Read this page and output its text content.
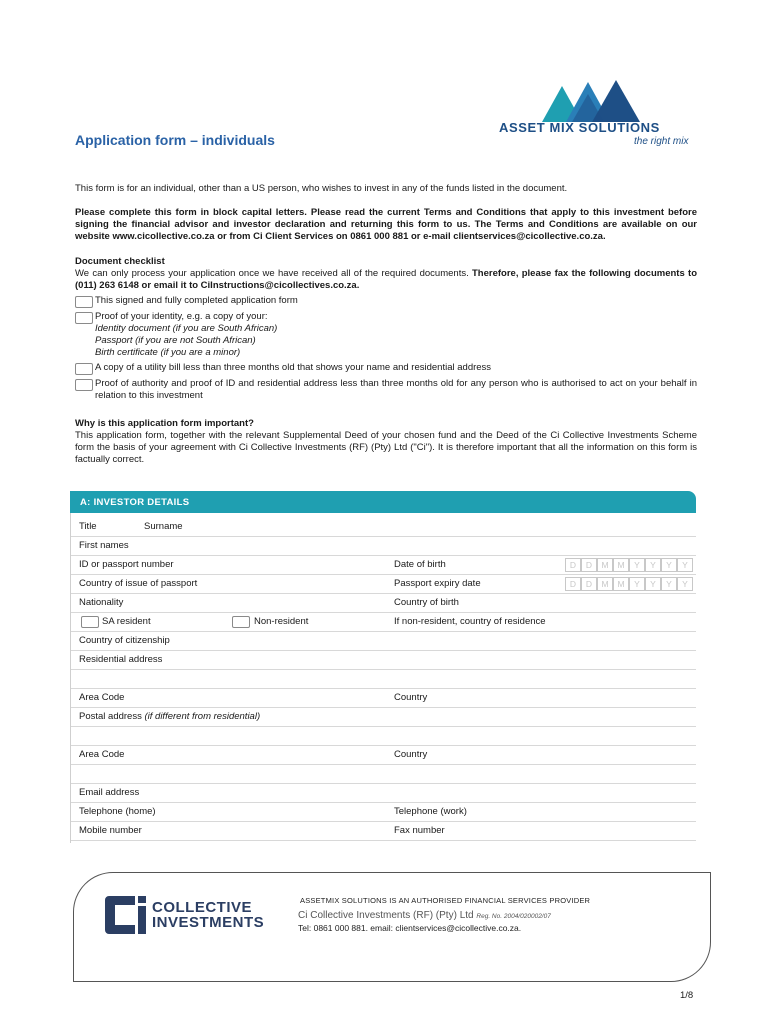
ASSET MIX SOLUTIONS
the right mix
Application form – individuals
This form is for an individual, other than a US person, who wishes to invest in any of the funds listed in the document.
Please complete this form in block capital letters. Please read the current Terms and Conditions that apply to this investment before signing the financial advisor and investor declaration and returning this form to us. The Terms and Conditions are available on our website www.cicollective.co.za or from Ci Client Services on 0861 000 881 or e-mail clientservices@cicollective.co.za.
Document checklist
We can only process your application once we have received all of the required documents. Therefore, please fax the following documents to (011) 263 6148 or email it to CiInstructions@cicollectives.co.za.
This signed and fully completed application form
Proof of your identity, e.g. a copy of your:
Identity document (if you are South African)
Passport (if you are not South African)
Birth certificate (if you are a minor)
A copy of a utility bill less than three months old that shows your name and residential address
Proof of authority and proof of ID and residential address less than three months old for any person who is authorised to act on your behalf in relation to this investment
Why is this application form important?
This application form, together with the relevant Supplemental Deed of your chosen fund and the Deed of the Ci Collective Investments Scheme form the basis of your agreement with Ci Collective Investments (RF) (Pty) Ltd ("Ci"). It is therefore important that all the information on this form is factually correct.
A: INVESTOR DETAILS
Title	Surname
First names
ID or passport number	Date of birth	D	D	M	M	Y	Y	Y	Y
Country of issue of passport	Passport expiry date	D	D	M	M	Y	Y	Y	Y
Nationality	Country of birth
SA resident	Non-resident	If non-resident, country of residence
Country of citizenship
Residential address
Area Code	Country
Postal address (if different from residential)
Area Code	Country
Email address
Telephone (home)	Telephone (work)
Mobile number	Fax number
COLLECTIVE
INVESTMENTS
ASSETMIX SOLUTIONS IS AN AUTHORISED FINANCIAL SERVICES PROVIDER
Ci Collective Investments (RF) (Pty) Ltd Reg. No. 2004/020002/07
Tel: 0861 000 881. email: clientservices@cicollective.co.za.
1/8
